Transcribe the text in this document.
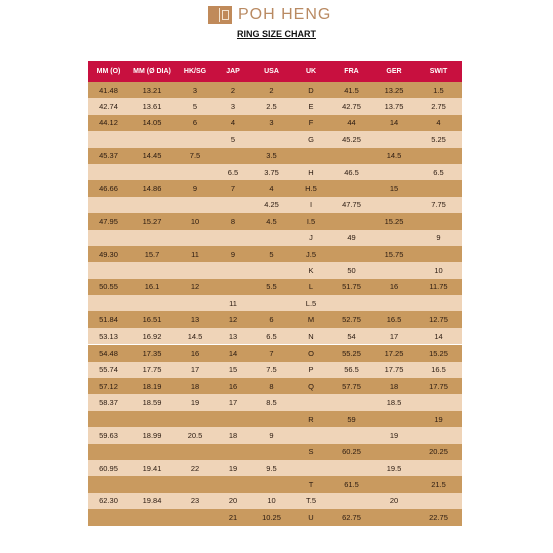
POH HENG
RING SIZE CHART
MM (O)	MM (Ø DIA)	HK/SG	JAP	USA	UK	FRA	GER	SWIT
41.48	13.21	3	2	2	D	41.5	13.25	1.5
42.74	13.61	5	3	2.5	E	42.75	13.75	2.75
44.12	14.05	6	4	3	F	44	14	4
			5		G	45.25		5.25
45.37	14.45	7.5		3.5			14.5	
			6.5	3.75	H	46.5		6.5
46.66	14.86	9	7	4	H.5		15	
				4.25	I	47.75		7.75
47.95	15.27	10	8	4.5	I.5		15.25	
					J	49		9
49.30	15.7	11	9	5	J.5		15.75	
					K	50		10
50.55	16.1	12		5.5	L	51.75	16	11.75
			11		L.5			
51.84	16.51	13	12	6	M	52.75	16.5	12.75
53.13	16.92	14.5	13	6.5	N	54	17	14
54.48	17.35	16	14	7	O	55.25	17.25	15.25
55.74	17.75	17	15	7.5	P	56.5	17.75	16.5
57.12	18.19	18	16	8	Q	57.75	18	17.75
58.37	18.59	19	17	8.5			18.5	
					R	59		19
59.63	18.99	20.5	18	9			19	
					S	60.25		20.25
60.95	19.41	22	19	9.5			19.5	
					T	61.5		21.5
62.30	19.84	23	20	10	T.5		20	
			21	10.25	U	62.75		22.75
